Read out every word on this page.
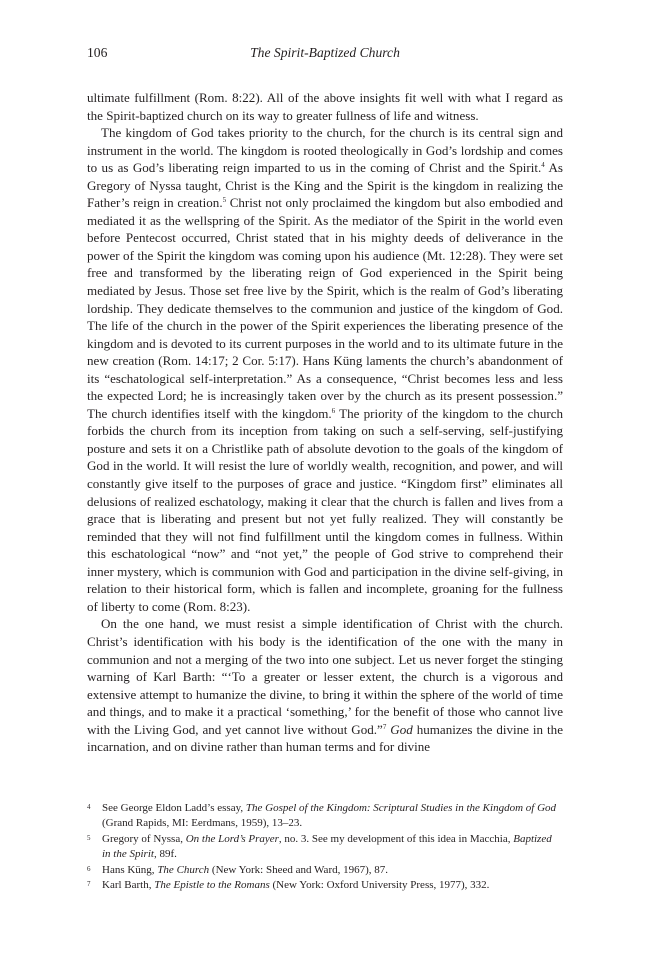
106	The Spirit-Baptized Church

ultimate fulfillment (Rom. 8:22). All of the above insights fit well with what I regard as the Spirit-baptized church on its way to greater fullness of life and witness.

The kingdom of God takes priority to the church, for the church is its central sign and instrument in the world. The kingdom is rooted theologically in God’s lordship and comes to us as God’s liberating reign imparted to us in the coming of Christ and the Spirit.$^4$ As Gregory of Nyssa taught, Christ is the King and the Spirit is the kingdom in realizing the Father’s reign in creation.$^5$ Christ not only proclaimed the kingdom but also embodied and mediated it as the wellspring of the Spirit. As the mediator of the Spirit in the world even before Pentecost occurred, Christ stated that in his mighty deeds of deliverance in the power of the Spirit the kingdom was coming upon his audience (Mt. 12:28). They were set free and transformed by the liberating reign of God experienced in the Spirit being mediated by Jesus. Those set free live by the Spirit, which is the realm of God’s liberating lordship. They dedicate themselves to the communion and justice of the kingdom of God. The life of the church in the power of the Spirit experiences the liberating presence of the kingdom and is devoted to its current purposes in the world and to its ultimate future in the new creation (Rom. 14:17; 2 Cor. 5:17). Hans Küng laments the church’s abandonment of its “eschatological self-interpretation.” As a consequence, “Christ becomes less and less the expected Lord; he is increasingly taken over by the church as its present possession.” The church identifies itself with the kingdom.$^6$ The priority of the kingdom to the church forbids the church from its inception from taking on such a self-serving, self-justifying posture and sets it on a Christlike path of absolute devotion to the goals of the kingdom of God in the world. It will resist the lure of worldly wealth, recognition, and power, and will constantly give itself to the purposes of grace and justice. “Kingdom first” eliminates all delusions of realized eschatology, making it clear that the church is fallen and lives from a grace that is liberating and present but not yet fully realized. They will constantly be reminded that they will not find fulfillment until the kingdom comes in fullness. Within this eschatological “now” and “not yet,” the people of God strive to comprehend their inner mystery, which is communion with God and participation in the divine self-giving, in relation to their historical form, which is fallen and incomplete, groaning for the fullness of liberty to come (Rom. 8:23).

On the one hand, we must resist a simple identification of Christ with the church. Christ’s identification with his body is the identification of the one with the many in communion and not a merging of the two into one subject. Let us never forget the stinging warning of Karl Barth: “‘To a greater or lesser extent, the church is a vigorous and extensive attempt to humanize the divine, to bring it within the sphere of the world of time and things, and to make it a practical ‘something,’ for the benefit of those who cannot live with the Living God, and yet cannot live without God.”$^7$ God humanizes the divine in the incarnation, and on divine rather than human terms and for divine

4 See George Eldon Ladd’s essay, The Gospel of the Kingdom: Scriptural Studies in the Kingdom of God (Grand Rapids, MI: Eerdmans, 1959), 13–23.
5 Gregory of Nyssa, On the Lord’s Prayer, no. 3. See my development of this idea in Macchia, Baptized in the Spirit, 89f.
6 Hans Küng, The Church (New York: Sheed and Ward, 1967), 87.
7 Karl Barth, The Epistle to the Romans (New York: Oxford University Press, 1977), 332.
